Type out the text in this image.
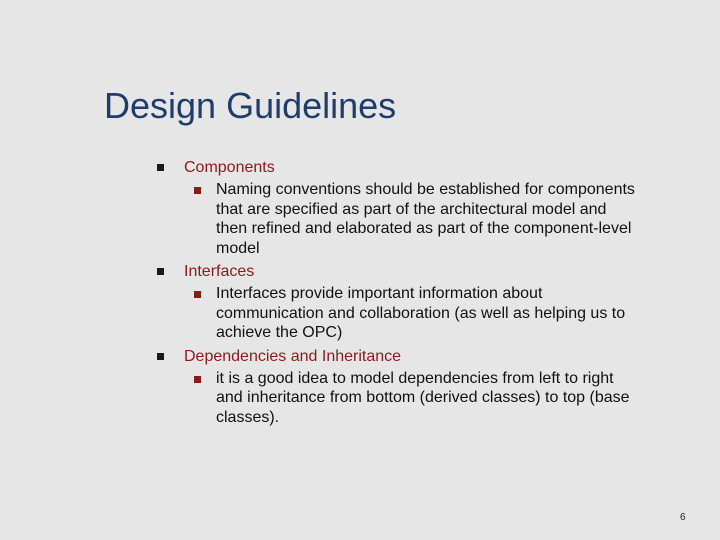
Design Guidelines
Components
Naming conventions should be established for components that are specified as part of the architectural model and then refined and elaborated as part of the component-level model
Interfaces
Interfaces provide important information about communication and collaboration (as well as helping us to achieve the OPC)
Dependencies and Inheritance
it is a good idea to model dependencies from left to right and inheritance from bottom (derived classes) to top (base classes).
6
